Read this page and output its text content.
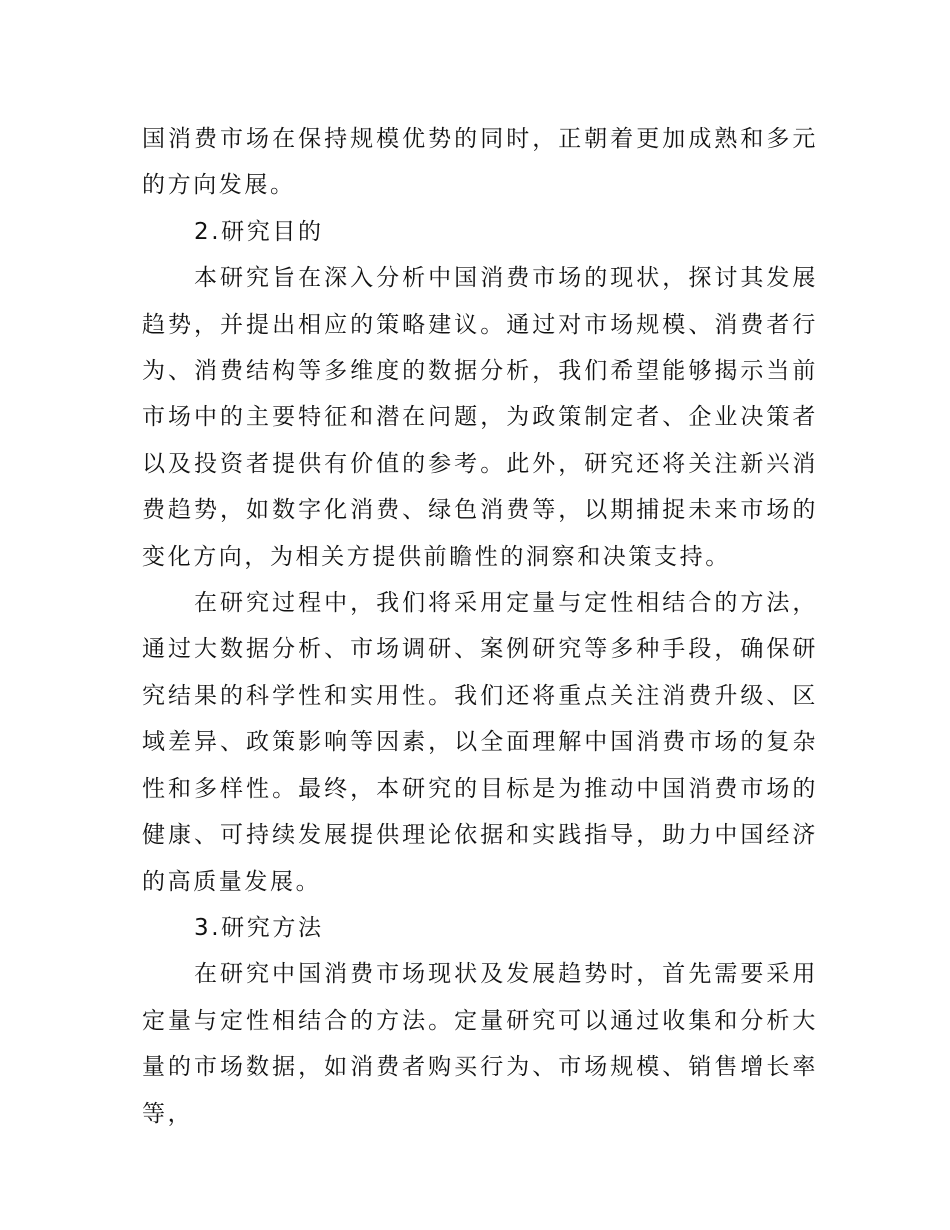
国消费市场在保持规模优势的同时，正朝着更加成熟和多元的方向发展。

2.研究目的

本研究旨在深入分析中国消费市场的现状，探讨其发展趋势，并提出相应的策略建议。通过对市场规模、消费者行为、消费结构等多维度的数据分析，我们希望能够揭示当前市场中的主要特征和潜在问题，为政策制定者、企业决策者以及投资者提供有价值的参考。此外，研究还将关注新兴消费趋势，如数字化消费、绿色消费等，以期捕捉未来市场的变化方向，为相关方提供前瞻性的洞察和决策支持。

在研究过程中，我们将采用定量与定性相结合的方法，通过大数据分析、市场调研、案例研究等多种手段，确保研究结果的科学性和实用性。我们还将重点关注消费升级、区域差异、政策影响等因素，以全面理解中国消费市场的复杂性和多样性。最终，本研究的目标是为推动中国消费市场的健康、可持续发展提供理论依据和实践指导，助力中国经济的高质量发展。

3.研究方法

在研究中国消费市场现状及发展趋势时，首先需要采用定量与定性相结合的方法。定量研究可以通过收集和分析大量的市场数据，如消费者购买行为、市场规模、销售增长率等，
